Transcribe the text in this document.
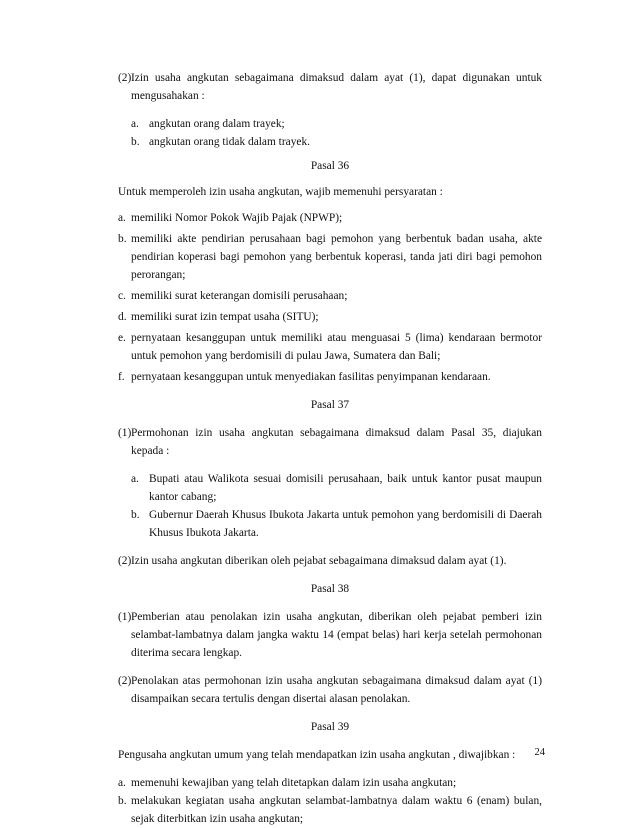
(2) Izin usaha angkutan sebagaimana dimaksud dalam ayat (1), dapat digunakan untuk mengusahakan :
a. angkutan orang dalam trayek;
b. angkutan orang tidak dalam trayek.
Pasal 36
Untuk memperoleh izin usaha angkutan, wajib memenuhi persyaratan :
a. memiliki Nomor Pokok Wajib Pajak (NPWP);
b. memiliki akte pendirian perusahaan bagi pemohon yang berbentuk badan usaha, akte pendirian koperasi bagi pemohon yang berbentuk koperasi, tanda jati diri bagi pemohon perorangan;
c. memiliki surat keterangan domisili perusahaan;
d. memiliki surat izin tempat usaha (SITU);
e. pernyataan kesanggupan untuk memiliki atau menguasai 5 (lima) kendaraan bermotor untuk pemohon yang berdomisili di pulau Jawa, Sumatera dan Bali;
f. pernyataan kesanggupan untuk menyediakan fasilitas penyimpanan kendaraan.
Pasal 37
(1) Permohonan izin usaha angkutan sebagaimana dimaksud dalam Pasal 35, diajukan kepada :
a. Bupati atau Walikota sesuai domisili perusahaan, baik untuk kantor pusat maupun kantor cabang;
b. Gubernur Daerah Khusus Ibukota Jakarta untuk pemohon yang berdomisili di Daerah Khusus Ibukota Jakarta.
(2) Izin usaha angkutan diberikan oleh pejabat sebagaimana dimaksud dalam ayat (1).
Pasal 38
(1) Pemberian atau penolakan izin usaha angkutan, diberikan oleh pejabat pemberi izin selambat-lambatnya dalam jangka waktu 14 (empat belas) hari kerja setelah permohonan diterima secara lengkap.
(2) Penolakan atas permohonan izin usaha angkutan sebagaimana dimaksud dalam ayat (1) disampaikan secara tertulis dengan disertai alasan penolakan.
Pasal 39
Pengusaha angkutan umum yang telah mendapatkan izin usaha angkutan , diwajibkan :
a. memenuhi kewajiban yang telah ditetapkan dalam izin usaha angkutan;
b. melakukan kegiatan usaha angkutan selambat-lambatnya dalam waktu 6 (enam) bulan, sejak diterbitkan izin usaha angkutan;
24
